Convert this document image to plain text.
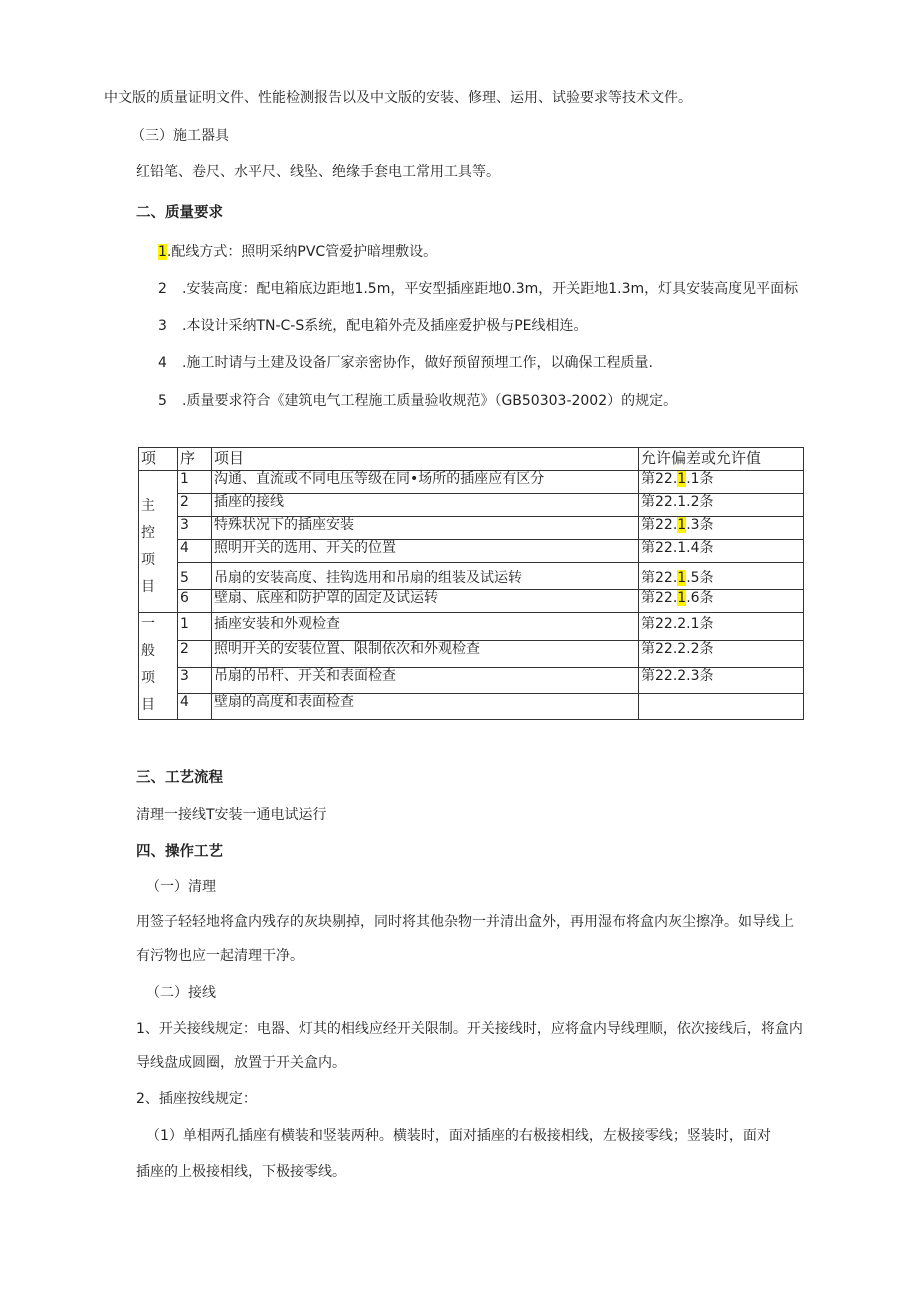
中文版的质量证明文件、性能检测报告以及中文版的安装、修理、运用、试验要求等技术文件。
（三）施工器具
红铅笔、卷尺、水平尺、线坠、绝缘手套电工常用工具等。
二、质量要求
1.配线方式：照明采纳PVC管爱护暗埋敷设。
2 .安装高度：配电箱底边距地1.5m，平安型插座距地0.3m，开关距地1.3m，灯具安装高度见平面标
3 .本设计采纳TN-C-S系统，配电箱外壳及插座爱护极与PE线相连。
4 .施工时请与土建及设备厂家亲密协作，做好预留预埋工作，以确保工程质量.
5 .质量要求符合《建筑电气工程施工质量验收规范》（GB50303-2002）的规定。
项	序	项目	允许偏差或允许值

主
控
项
目	1	沟通、直流或不同电压等级在同•场所的插座应有区分	第22.1.1条
	2	插座的接线	第22.1.2条
	3	特殊状况下的插座安装	第22.1.3条
	4	照明开关的选用、开关的位置	第22.1.4条
	5	吊扇的安装高度、挂钩选用和吊扇的组装及试运转	第22.1.5条
	6	壁扇、底座和防护罩的固定及试运转	第22.1.6条

一
般
项
目	1	插座安装和外观检查	第22.2.1条
	2	照明开关的安装位置、限制依次和外观检查	第22.2.2条
	3	吊扇的吊杆、开关和表面检查	第22.2.3条
	4	壁扇的高度和表面检查	
三、工艺流程
清理一接线T安装一通电试运行
四、操作工艺
（一）清理
用签子轻轻地将盒内残存的灰块剔掉，同时将其他杂物一并清出盒外，再用湿布将盒内灰尘擦净。如导线上
有污物也应一起清理干净。
（二）接线
1、开关接线规定：电器、灯其的相线应经开关限制。开关接线时，应将盒内导线理顺，依次接线后，将盒内
导线盘成圆圈，放置于开关盒内。
2、插座按线规定：
（1）单相两孔插座有横装和竖装两种。横装时，面对插座的右极接相线，左极接零线；竖装时，面对
插座的上极接相线，下极接零线。
